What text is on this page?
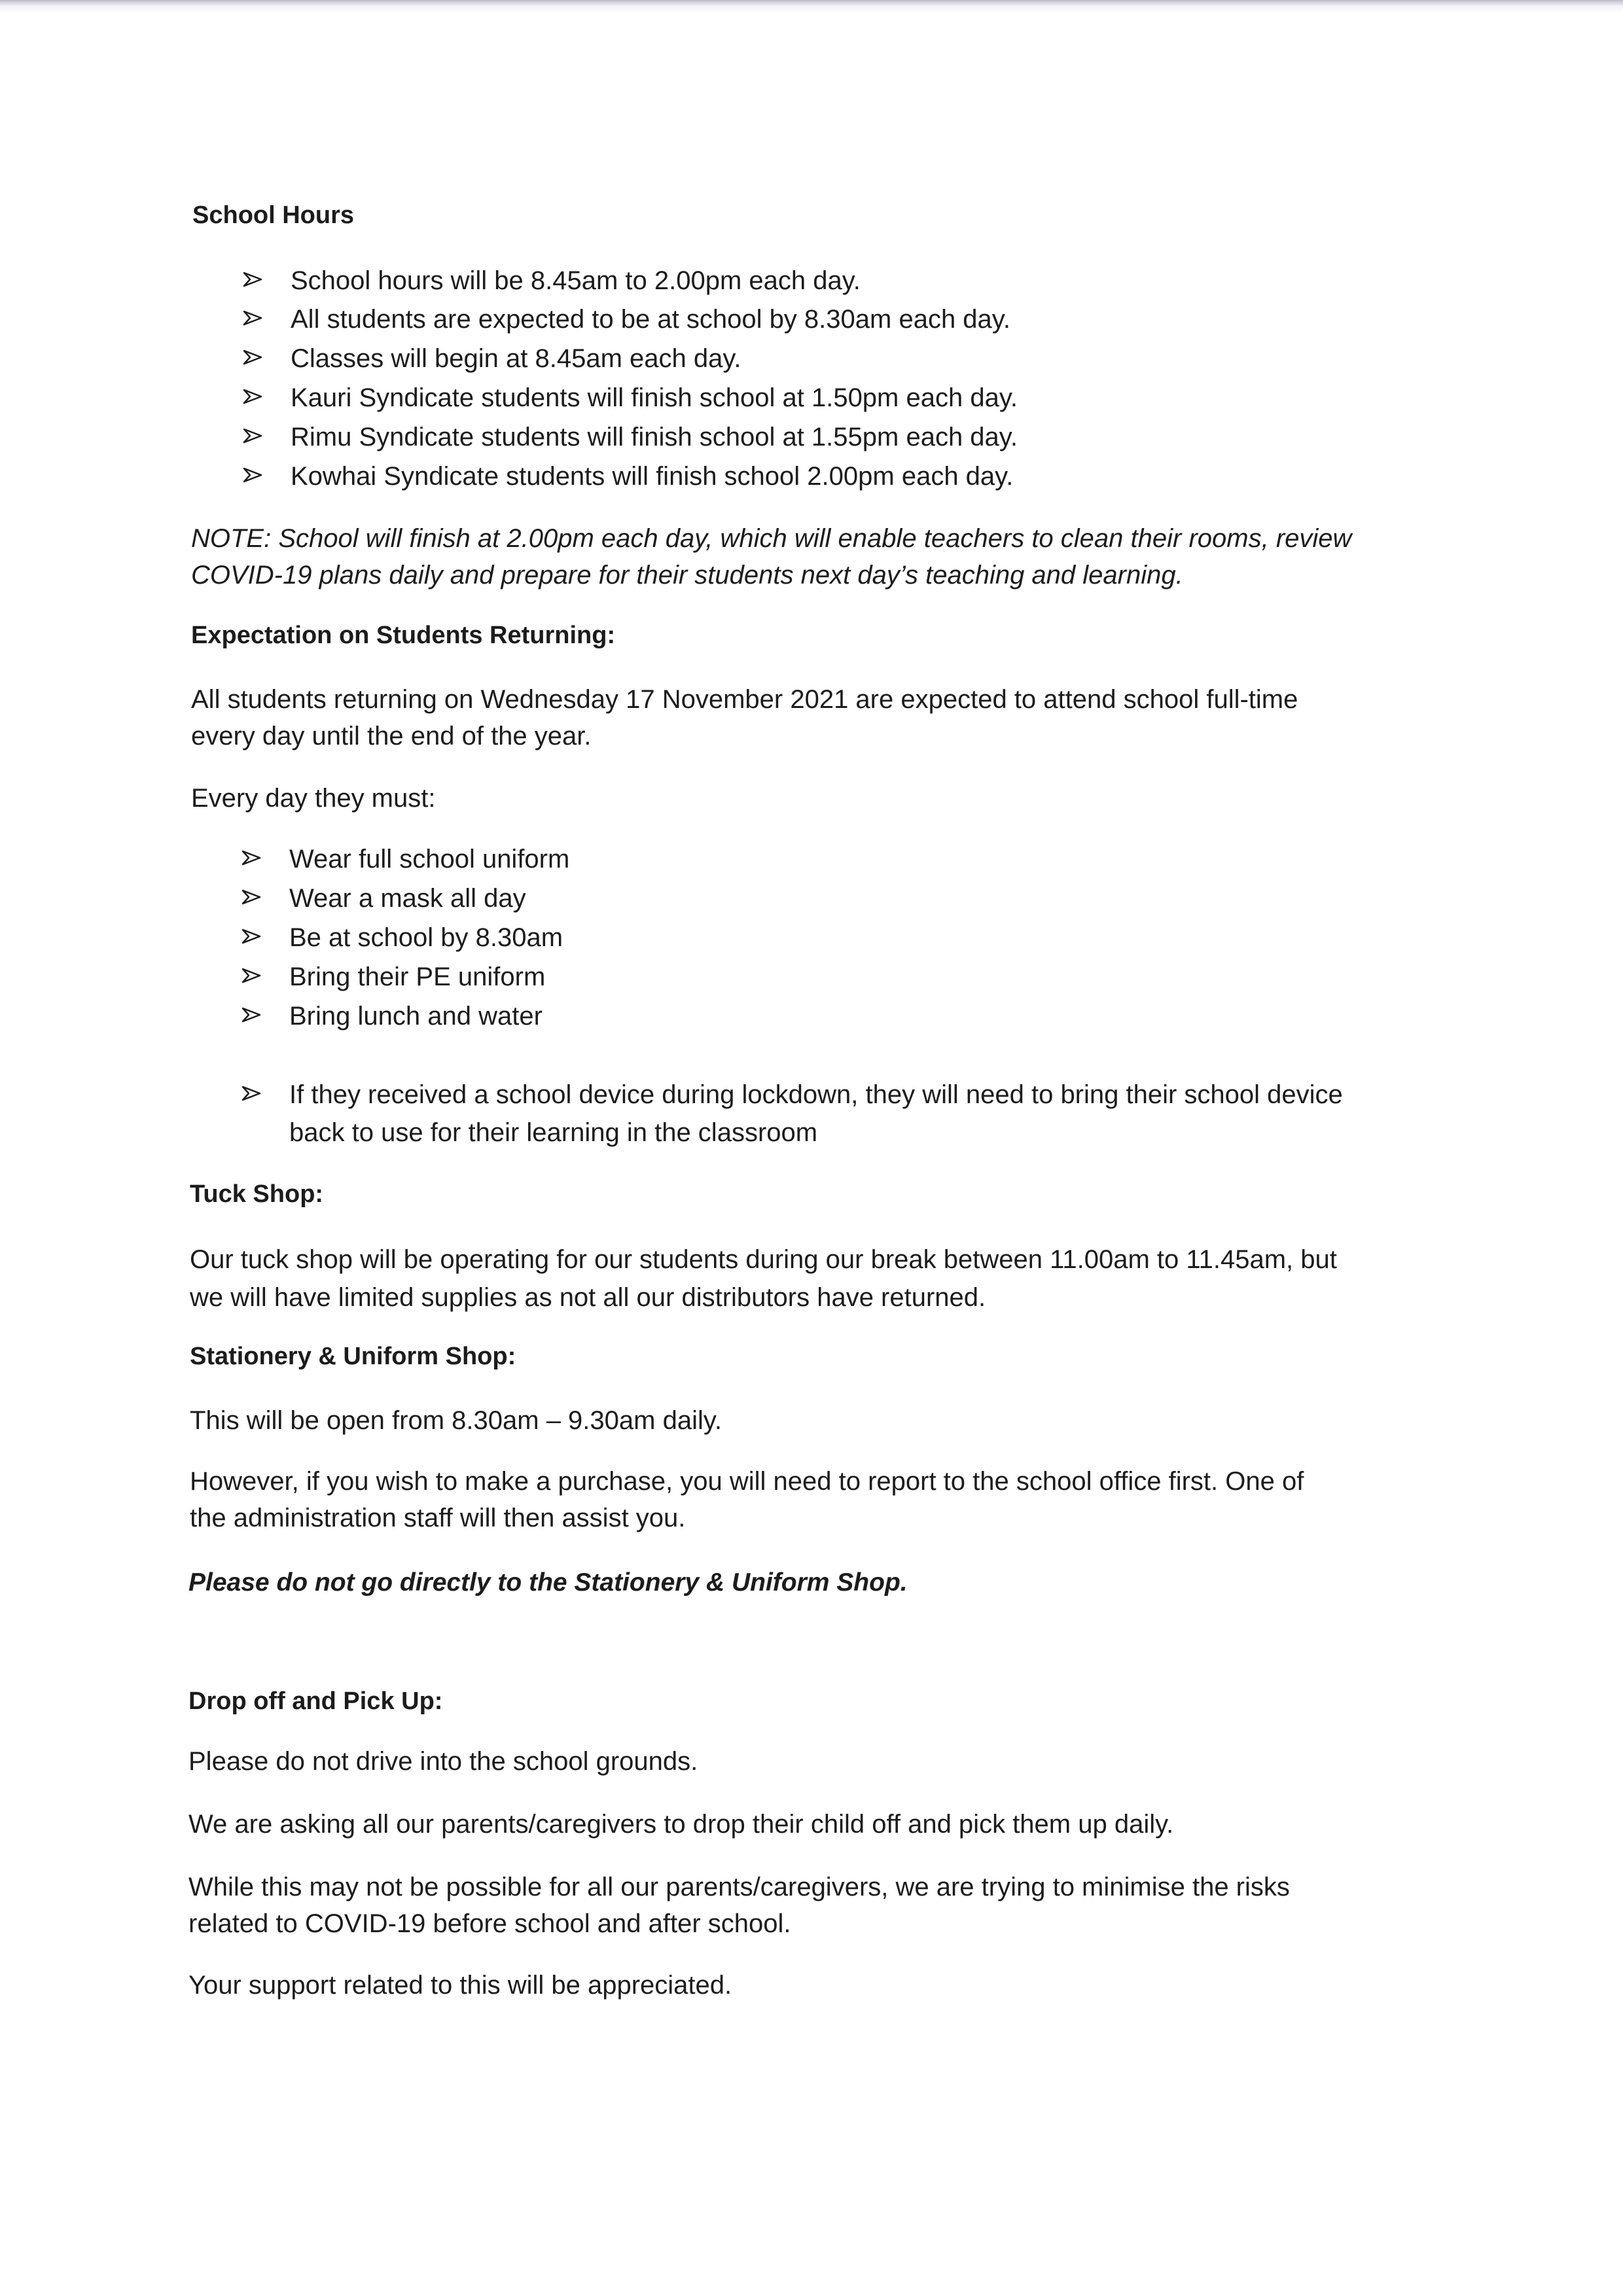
School Hours
School hours will be 8.45am to 2.00pm each day.
All students are expected to be at school by 8.30am each day.
Classes will begin at 8.45am each day.
Kauri Syndicate students will finish school at 1.50pm each day.
Rimu Syndicate students will finish school at 1.55pm each day.
Kowhai Syndicate students will finish school 2.00pm each day.
NOTE: School will finish at 2.00pm each day, which will enable teachers to clean their rooms, review
COVID-19 plans daily and prepare for their students next day’s teaching and learning.
Expectation on Students Returning:
All students returning on Wednesday 17 November 2021 are expected to attend school full-time
every day until the end of the year.
Every day they must:
Wear full school uniform
Wear a mask all day
Be at school by 8.30am
Bring their PE uniform
Bring lunch and water
If they received a school device during lockdown, they will need to bring their school device
back to use for their learning in the classroom
Tuck Shop:
Our tuck shop will be operating for our students during our break between 11.00am to 11.45am, but
we will have limited supplies as not all our distributors have returned.
Stationery & Uniform Shop:
This will be open from 8.30am – 9.30am daily.
However, if you wish to make a purchase, you will need to report to the school office first. One of
the administration staff will then assist you.
Please do not go directly to the Stationery & Uniform Shop.
Drop off and Pick Up:
Please do not drive into the school grounds.
We are asking all our parents/caregivers to drop their child off and pick them up daily.
While this may not be possible for all our parents/caregivers, we are trying to minimise the risks
related to COVID-19 before school and after school.
Your support related to this will be appreciated.
